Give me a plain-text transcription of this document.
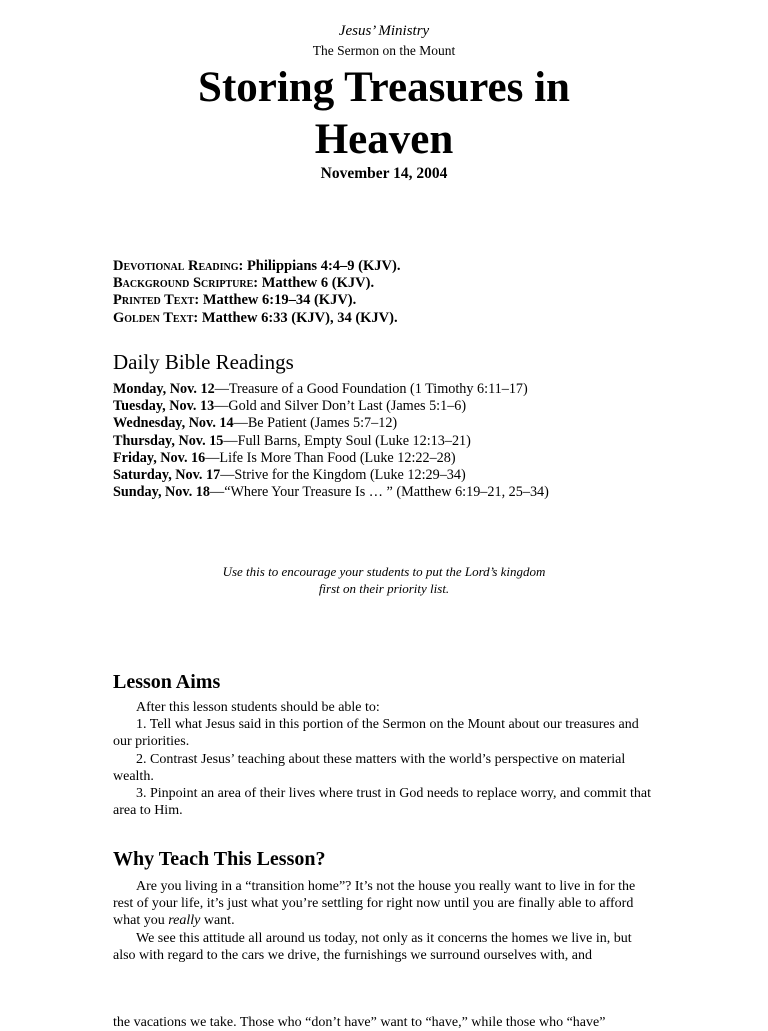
Jesus’ Ministry
The Sermon on the Mount
Storing Treasures in
Heaven
November 14, 2004
Devotional Reading: Philippians 4:4–9 (KJV).
Background Scripture: Matthew 6 (KJV).
Printed Text: Matthew 6:19–34 (KJV).
Golden Text: Matthew 6:33 (KJV), 34 (KJV).
Daily Bible Readings
Monday, Nov. 12—Treasure of a Good Foundation (1 Timothy 6:11–17)
Tuesday, Nov. 13—Gold and Silver Don’t Last (James 5:1–6)
Wednesday, Nov. 14—Be Patient (James 5:7–12)
Thursday, Nov. 15—Full Barns, Empty Soul (Luke 12:13–21)
Friday, Nov. 16—Life Is More Than Food (Luke 12:22–28)
Saturday, Nov. 17—Strive for the Kingdom (Luke 12:29–34)
Sunday, Nov. 18—“Where Your Treasure Is … ” (Matthew 6:19–21, 25–34)
Use this to encourage your students to put the Lord’s kingdom
first on their priority list.
Lesson Aims

After this lesson students should be able to:

1. Tell what Jesus said in this portion of the Sermon on the Mount about our treasures and our priorities.

2. Contrast Jesus’ teaching about these matters with the world’s perspective on material wealth.

3. Pinpoint an area of their lives where trust in God needs to replace worry, and commit that area to Him.

Why Teach This Lesson?

Are you living in a “transition home”? It’s not the house you really want to live in for the rest of your life, it’s just what you’re settling for right now until you are finally able to afford what you really want.

We see this attitude all around us today, not only as it concerns the homes we live in, but also with regard to the cars we drive, the furnishings we surround ourselves with, and

the vacations we take. Those who “don’t have” want to “have,” while those who “have”
